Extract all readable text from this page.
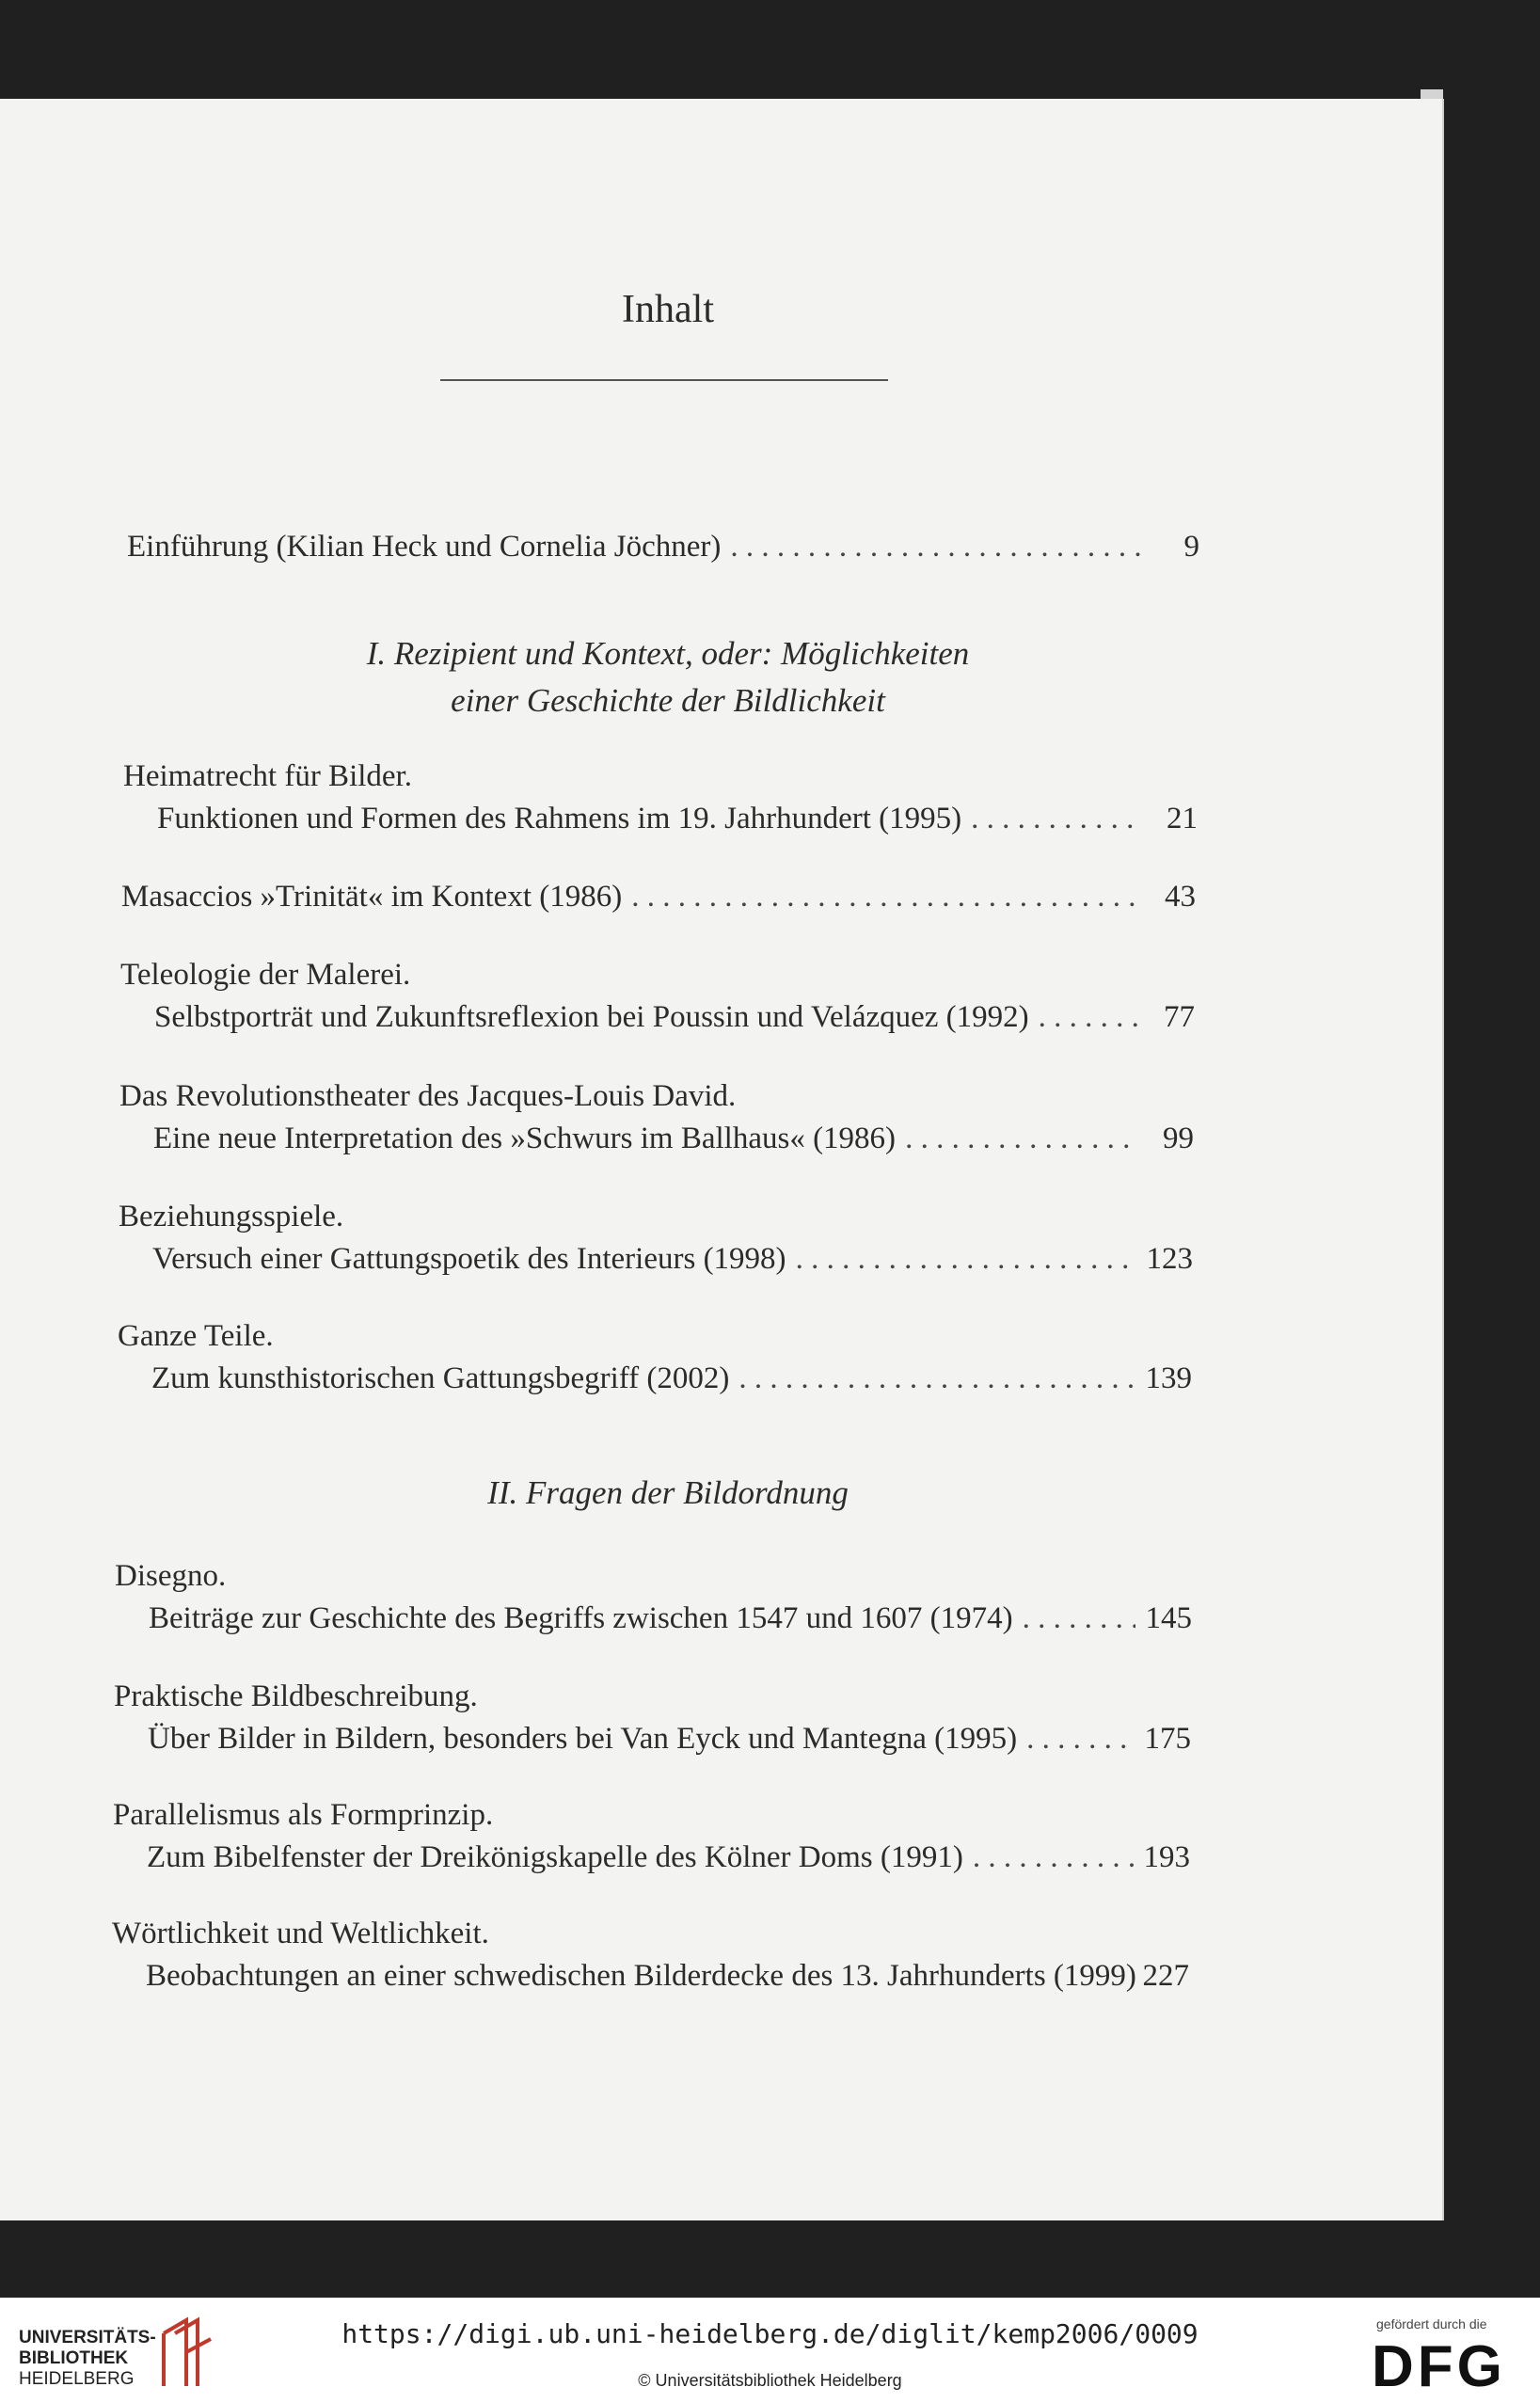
Inhalt
Einführung (Kilian Heck und Cornelia Jöchner) . . .	9
I. Rezipient und Kontext, oder: Möglichkeiten
einer Geschichte der Bildlichkeit
Heimatrecht für Bilder.
Funktionen und Formen des Rahmens im 19. Jahrhundert (1995) . . .	21
Masaccios »Trinität« im Kontext (1986) . . .	43
Teleologie der Malerei.
Selbstporträt und Zukunftsreflexion bei Poussin und Velázquez (1992) . . .	77
Das Revolutionstheater des Jacques-Louis David.
Eine neue Interpretation des »Schwurs im Ballhaus« (1986) . . .	99
Beziehungsspiele.
Versuch einer Gattungspoetik des Interieurs (1998) . . .	123
Ganze Teile.
Zum kunsthistorischen Gattungsbegriff (2002) . . .	139
II. Fragen der Bildordnung
Disegno.
Beiträge zur Geschichte des Begriffs zwischen 1547 und 1607 (1974) . . .	145
Praktische Bildbeschreibung.
Über Bilder in Bildern, besonders bei Van Eyck und Mantegna (1995) . . .	175
Parallelismus als Formprinzip.
Zum Bibelfenster der Dreikönigskapelle des Kölner Doms (1991) . . .	193
Wörtlichkeit und Weltlichkeit.
Beobachtungen an einer schwedischen Bilderdecke des 13. Jahrhunderts (1999) 227
UNIVERSITÄTS-
BIBLIOTHEK
HEIDELBERG
https://digi.ub.uni-heidelberg.de/diglit/kemp2006/0009
© Universitätsbibliothek Heidelberg
gefördert durch die
DFG
